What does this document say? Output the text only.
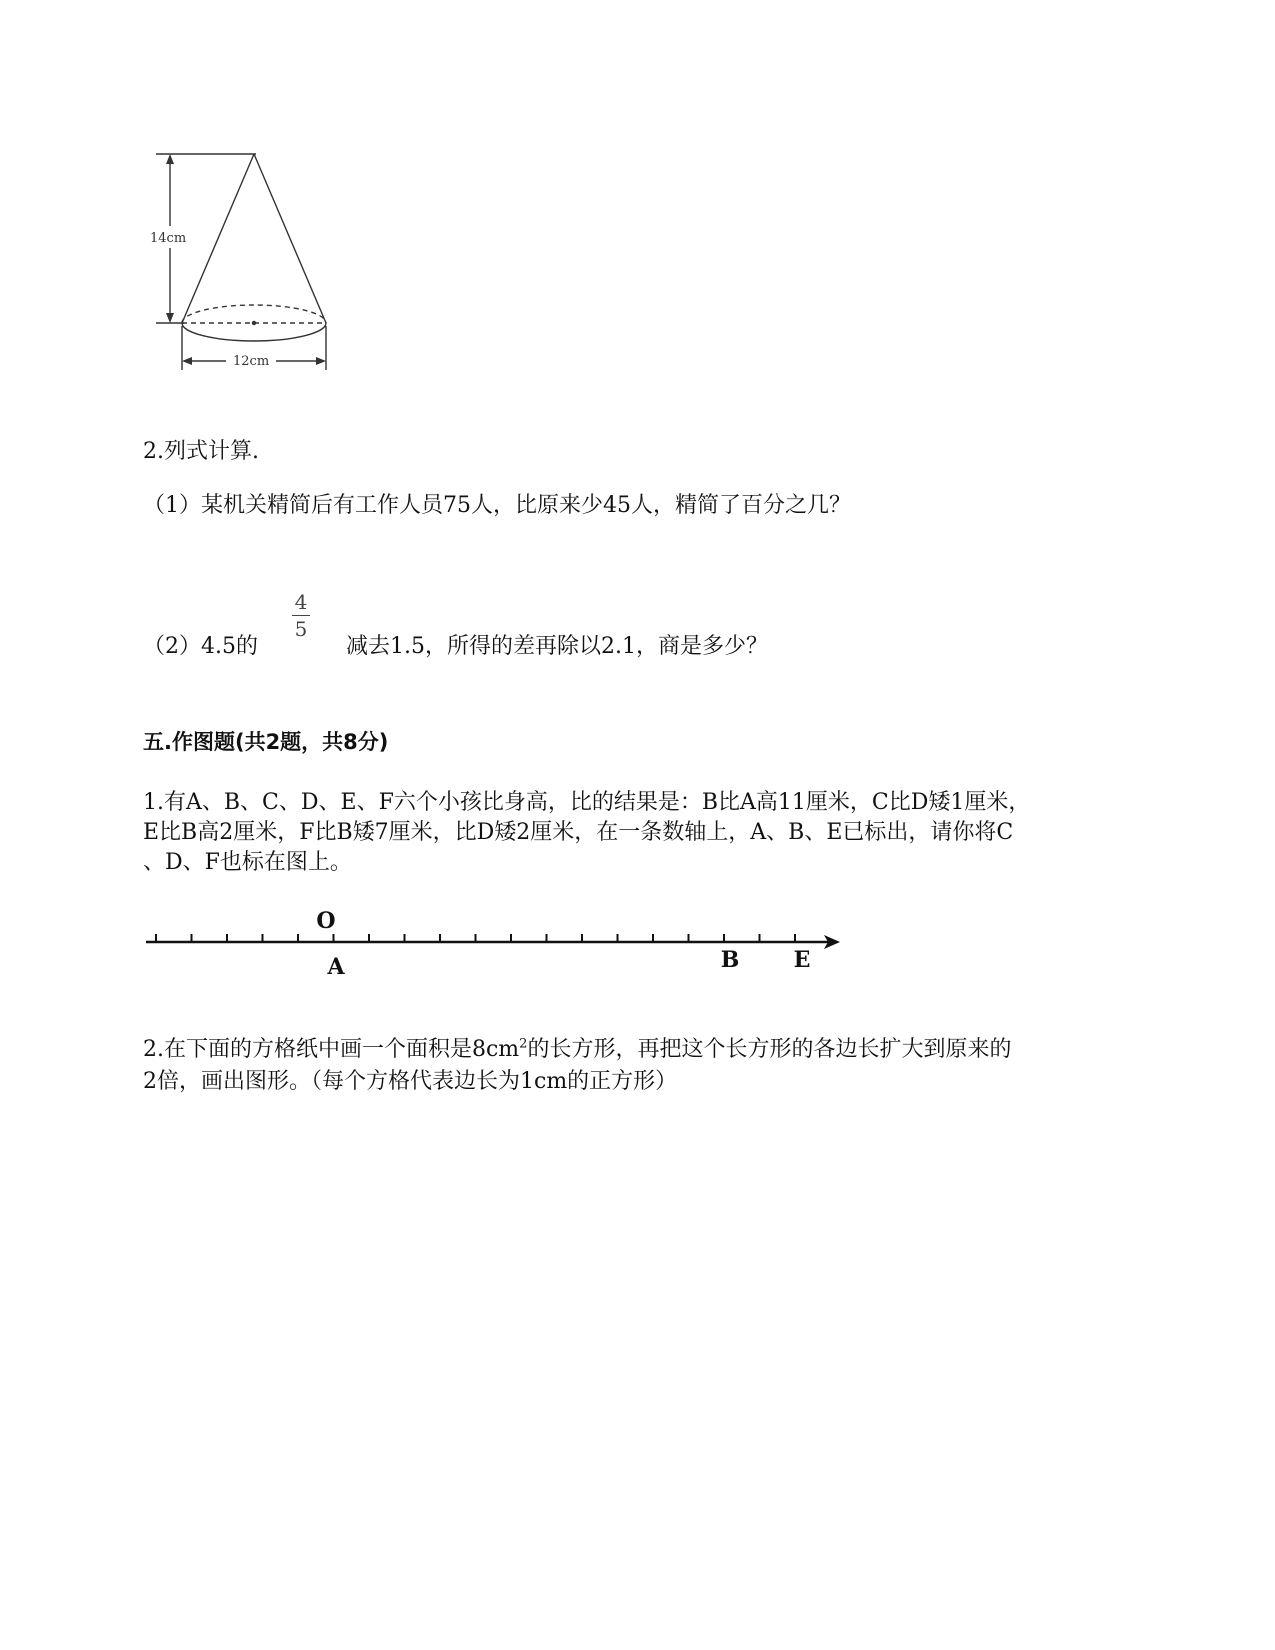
14cm
12cm
2.列式计算.
（1）某机关精简后有工作人员75人，比原来少45人，精简了百分之几？
（2）4.5的
4
5
减去1.5，所得的差再除以2.1，商是多少？
五.作图题(共2题，共8分)
1.有A、B、C、D、E、F六个小孩比身高，比的结果是：B比A高11厘米，C比D矮1厘米，
E比B高2厘米，F比B矮7厘米，比D矮2厘米，在一条数轴上，A、B、E已标出，请你将C
、D、F也标在图上。
O
A	B E
2.在下面的方格纸中画一个面积是$8cm^2$的长方形，再把这个长方形的各边长扩大到原来的
2倍，画出图形。（每个方格代表边长为1cm的正方形）
